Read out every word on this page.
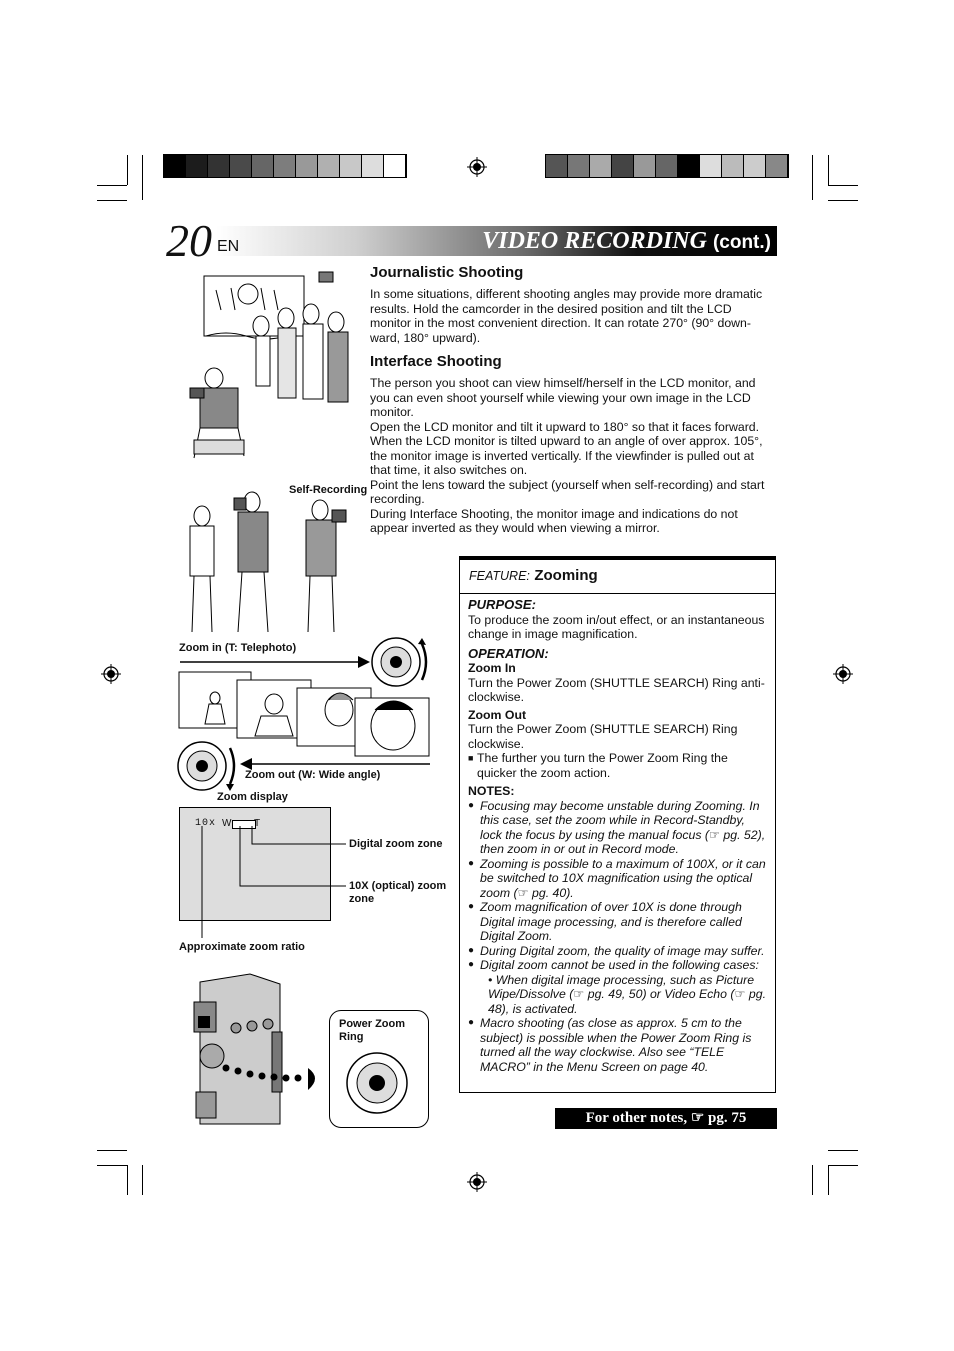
20	VIDEO RECORDING (cont.)
EN
Self-Recording
Zoom in (T: Telephoto)
Zoom out (W: Wide angle)
Zoom display
10x W T
Digital zoom zone
10X (optical) zoom zone
Approximate zoom ratio
Power Zoom Ring
Journalistic Shooting

In some situations, different shooting angles may provide more dramatic results. Hold the camcorder in the desired position and tilt the LCD monitor in the most convenient direction. It can rotate 270° (90° down-ward, 180° upward).

Interface Shooting

The person you shoot can view himself/herself in the LCD monitor, and you can even shoot yourself while viewing your own image in the LCD monitor.

Open the LCD monitor and tilt it upward to 180° so that it faces forward. When the LCD monitor is tilted upward to an angle of over approx. 105°, the monitor image is inverted vertically. If the viewfinder is pulled out at that time, it also switches on.

Point the lens toward the subject (yourself when self-recording) and start recording.

During Interface Shooting, the monitor image and indications do not appear inverted as they would when viewing a mirror.

FEATURE: Zooming
PURPOSE:

To produce the zoom in/out effect, or an instantaneous change in image magnification.

OPERATION:
Zoom In

Turn the Power Zoom (SHUTTLE SEARCH) Ring anti-clockwise.

Zoom Out

Turn the Power Zoom (SHUTTLE SEARCH) Ring clockwise.

■ The further you turn the Power Zoom Ring the quicker the zoom action.

NOTES:
● Focusing may become unstable during Zooming. In this case, set the zoom while in Record-Standby, lock the focus by using the manual focus (☞ pg. 52), then zoom in or out in Record mode.
● Zooming is possible to a maximum of 100X, or it can be switched to 10X magnification using the optical zoom (☞ pg. 40).
● Zoom magnification of over 10X is done through Digital image processing, and is therefore called Digital Zoom.
● During Digital zoom, the quality of image may suffer.
● Digital zoom cannot be used in the following cases:
• When digital image processing, such as Picture Wipe/Dissolve (☞ pg. 49, 50) or Video Echo (☞ pg. 48), is activated.
● Macro shooting (as close as approx. 5 cm to the subject) is possible when the Power Zoom Ring is turned all the way clockwise. Also see “TELE MACRO” in the Menu Screen on page 40.
For other notes, ☞ pg. 75
